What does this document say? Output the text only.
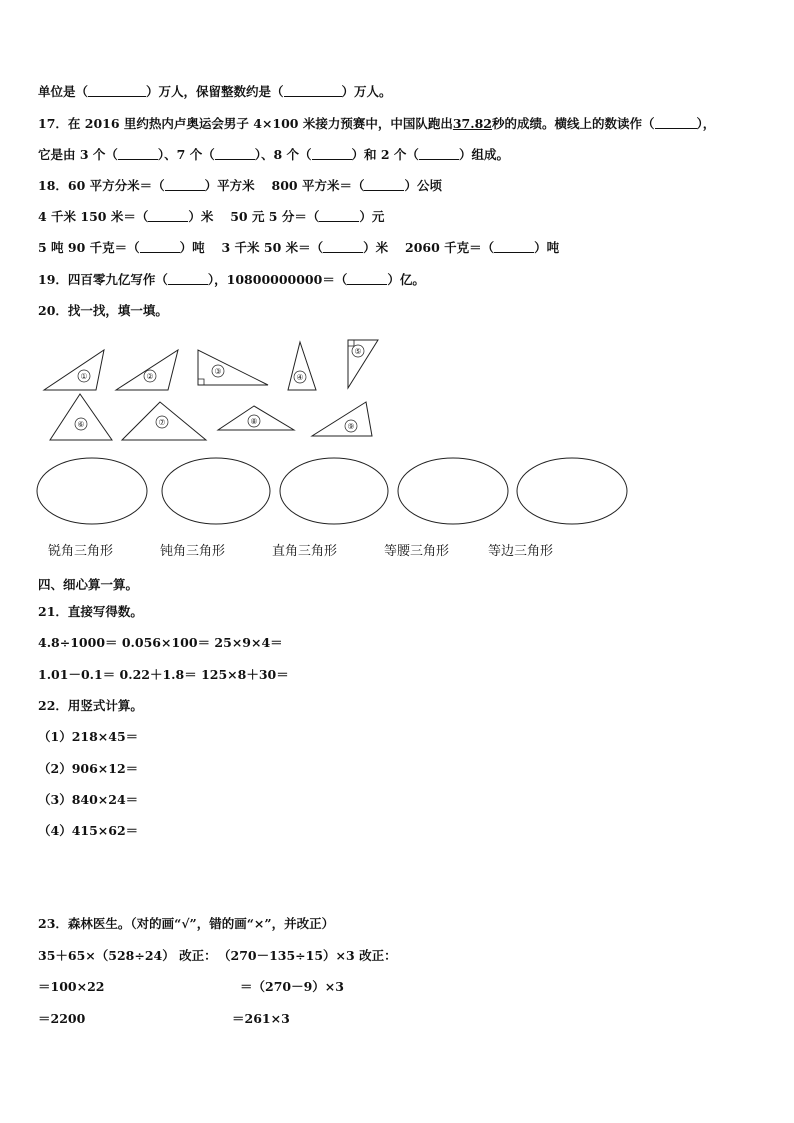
单位是（	）万人，保留整数约是（	）万人。
17．在 2016 里约热内卢奥运会男子 4×100 米接力预赛中，中国队跑出37.82秒的成绩。横线上的数读作（	），
它是由 3 个（	）、7 个（	）、8 个（	）和 2 个（	）组成。
18．60 平方分米＝（	）平方米　 800 平方米＝（	）公顷
4 千米 150 米＝（	）米　 50 元 5 分＝（	）元
5 吨 90 千克＝（	）吨　 3 千米 50 米＝（	）米　 2060 千克＝（	）吨
19．四百零九亿写作（	），10800000000＝（	）亿。
20．找一找，填一填。
①	②
③
④
⑤
⑥	⑦	⑧
⑨
锐角三角形	钝角三角形	直角三角形	等腰三角形	等边三角形
四、细心算一算。
21．直接写得数。
4.8÷1000＝ 0.056×100＝ 25×9×4＝
1.01－0.1＝ 0.22＋1.8＝ 125×8＋30＝
22．用竖式计算。
（1）218×45＝
（2）906×12＝
（3）840×24＝
（4）415×62＝
23．森林医生。（对的画“√”，错的画“×”，并改正）
35＋65×（528÷24） 改正：
＝100×22
＝2200
（270－135÷15）×3 改正：
＝（270－9）×3
＝261×3
